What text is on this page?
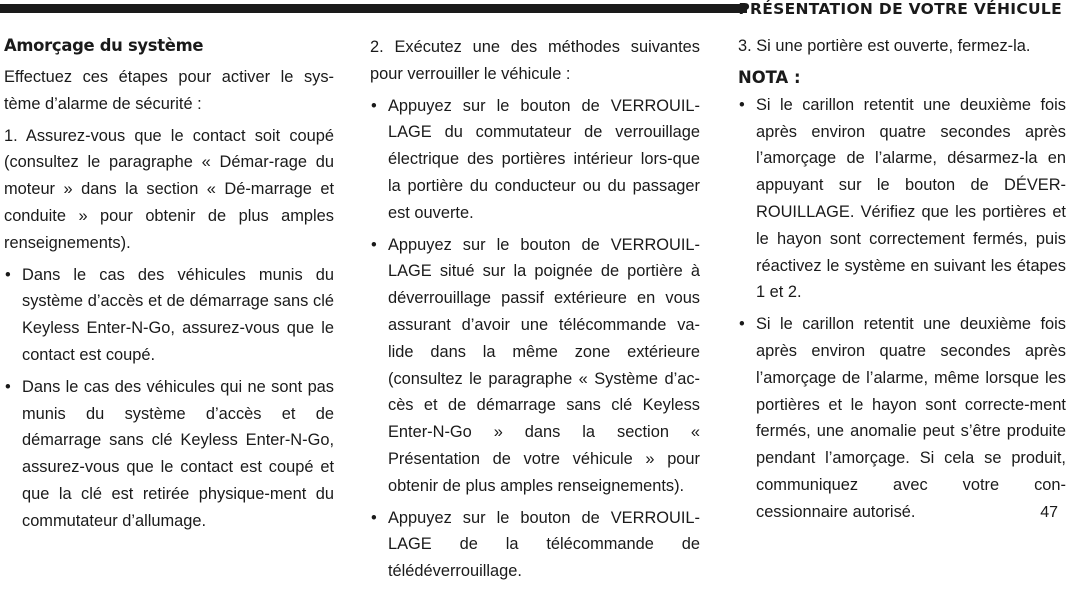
PRÉSENTATION DE VOTRE VÉHICULE
Amorçage du système

Effectuez ces étapes pour activer le sys-tème d’alarme de sécurité :

1. Assurez-vous que le contact soit coupé (consultez le paragraphe « Démar-rage du moteur » dans la section « Dé-marrage et conduite » pour obtenir de plus amples renseignements).

• Dans le cas des véhicules munis du système d’accès et de démarrage sans clé Keyless Enter-N-Go, assurez-vous que le contact est coupé.
• Dans le cas des véhicules qui ne sont pas munis du système d’accès et de démarrage sans clé Keyless Enter-N-Go, assurez-vous que le contact est coupé et que la clé est retirée physique-ment du commutateur d’allumage.

2. Exécutez une des méthodes suivantes pour verrouiller le véhicule :

• Appuyez sur le bouton de VERROUIL-LAGE du commutateur de verrouillage électrique des portières intérieur lors-que la portière du conducteur ou du passager est ouverte.
• Appuyez sur le bouton de VERROUIL-LAGE situé sur la poignée de portière à déverrouillage passif extérieure en vous assurant d’avoir une télécommande va-lide dans la même zone extérieure (consultez le paragraphe « Système d’ac-cès et de démarrage sans clé Keyless Enter-N-Go » dans la section « Présentation de votre véhicule » pour obtenir de plus amples renseignements).
• Appuyez sur le bouton de VERROUIL-LAGE de la télécommande de télédéverrouillage.

3. Si une portière est ouverte, fermez-la.

NOTA :
• Si le carillon retentit une deuxième fois après environ quatre secondes après l’amorçage de l’alarme, désarmez-la en appuyant sur le bouton de DÉVER-ROUILLAGE. Vérifiez que les portières et le hayon sont correctement fermés, puis réactivez le système en suivant les étapes 1 et 2.
• Si le carillon retentit une deuxième fois après environ quatre secondes après l’amorçage de l’alarme, même lorsque les portières et le hayon sont correcte-ment fermés, une anomalie peut s’être produite pendant l’amorçage. Si cela se produit, communiquez avec votre con-cessionnaire autorisé.	47
